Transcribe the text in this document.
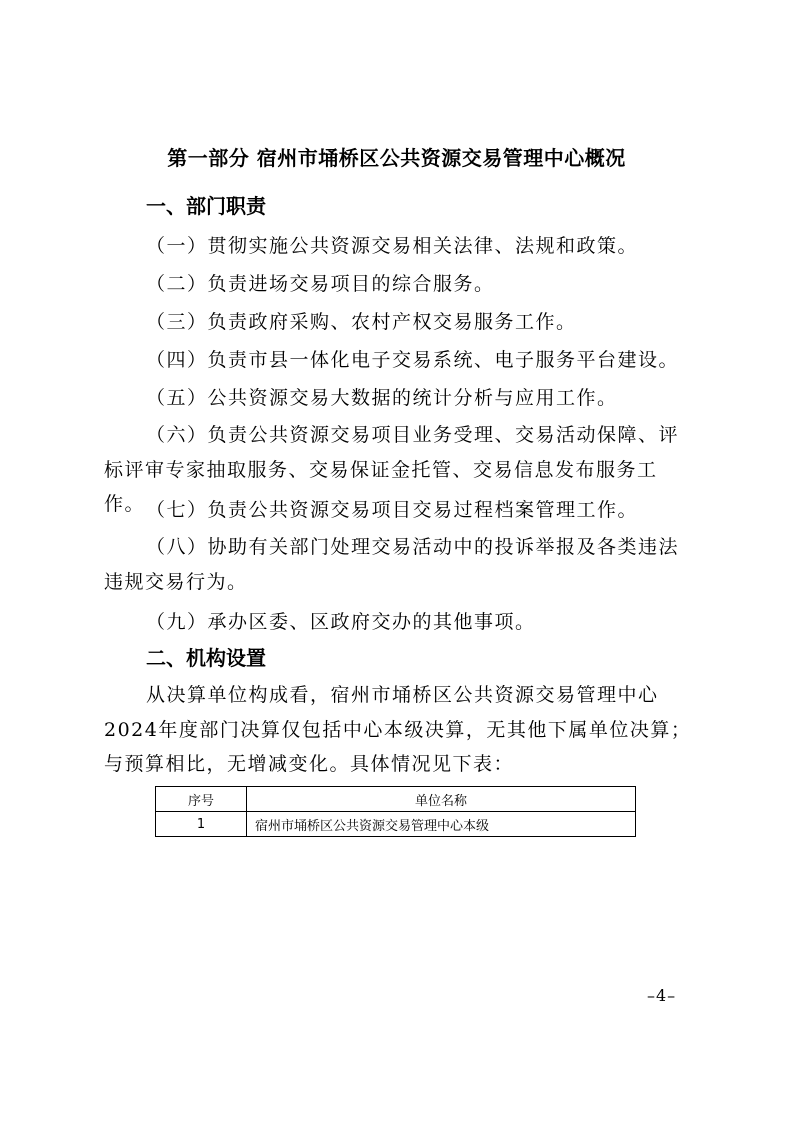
第一部分 宿州市埇桥区公共资源交易管理中心概况
一、部门职责
（一）贯彻实施公共资源交易相关法律、法规和政策。
（二）负责进场交易项目的综合服务。
（三）负责政府采购、农村产权交易服务工作。
（四）负责市县一体化电子交易系统、电子服务平台建设。
（五）公共资源交易大数据的统计分析与应用工作。
（六）负责公共资源交易项目业务受理、交易活动保障、评标评审专家抽取服务、交易保证金托管、交易信息发布服务工作。 （七）负责公共资源交易项目交易过程档案管理工作。
（八）协助有关部门处理交易活动中的投诉举报及各类违法违规交易行为。
（九）承办区委、区政府交办的其他事项。
二、机构设置
从决算单位构成看，宿州市埇桥区公共资源交易管理中心2024年度部门决算仅包括中心本级决算，无其他下属单位决算；与预算相比，无增减变化。具体情况见下表：
序号	单位名称
1	宿州市埇桥区公共资源交易管理中心本级
–4–
